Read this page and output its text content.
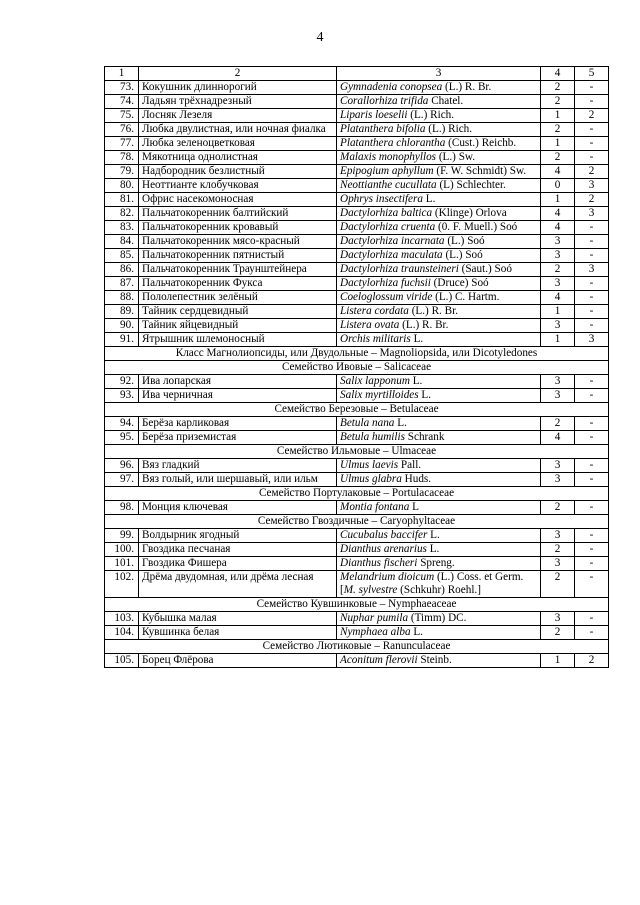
4
1	2	3	4	5
73.	Кокушник длиннорогий	Gymnadenia conopsea (L.) R. Br.	2	-
74.	Ладьян трёхнадрезный	Corallorhiza trifida Chatel.	2	-
75.	Лосняк Лезеля	Liparis loeselii (L.) Rich.	1	2
76.	Любка двулистная, или ночная фиалка	Platanthera bifolia (L.) Rich.	2	-
77.	Любка зеленоцветковая	Platanthera chlorantha (Cust.) Reichb.	1	-
78.	Мякотница однолистная	Malaxis monophyllos (L.) Sw.	2	-
79.	Надбородник безлистный	Epipogium aphyllum (F. W. Schmidt) Sw.	4	2
80.	Неоттианте клобучковая	Neottianthe cucullata (L) Schlechter.	0	3
81.	Офрис насекомоносная	Ophrys insectifera L.	1	2
82.	Пальчатокоренник балтийский	Dactylorhiza baltica (Klinge) Orlova	4	3
83.	Пальчатокоренник кровавый	Dactylorhiza cruenta (0. F. Muell.) Soó	4	-
84.	Пальчатокоренник мясо-красный	Dactylorhiza incarnata (L.) Soó	3	-
85.	Пальчатокоренник пятнистый	Dactylorhiza maculata (L.) Soó	3	-
86.	Пальчатокоренник Траунштейнера	Dactylorhiza traunsteineri (Saut.) Soó	2	3
87.	Пальчатокоренник Фукса	Dactylorhiza fuchsii (Druce) Soó	3	-
88.	Пололепестник зелёный	Coeloglossum viride (L.) C. Hartm.	4	-
89.	Тайник сердцевидный	Listera cordata (L.) R. Br.	1	-
90.	Тайник яйцевидный	Listera ovata (L.) R. Br.	3	-
91.	Ятрышник шлемоносный	Orchis militaris L.	1	3
Класс Магнолиопсиды, или Двудольные – Magnoliopsida, или Dicotyledones				
Семейство Ивовые – Salicaceae				
92.	Ива лопарская	Salix lapponum L.	3	-
93.	Ива черничная	Salix myrtilloides L.	3	-
Семейство Березовые – Betulaceae				
94.	Берёза карликовая	Betula nana L.	2	-
95.	Берёза приземистая	Betula humilis Schrank	4	-
Семейство Ильмовые – Ulmaceae				
96.	Вяз гладкий	Ulmus laevis Pall.	3	-
97.	Вяз голый, или шершавый, или ильм	Ulmus glabra Huds.	3	-
Семейство Портулаковые – Portulacaceae				
98.	Монция ключевая	Montia fontana L	2	-
Семейство Гвоздичные – Caryophyltaceae				
99.	Волдырник ягодный	Cucubalus baccifer L.	3	-
100.	Гвоздика песчаная	Dianthus arenarius L.	2	-
101.	Гвоздика Фишера	Dianthus fischeri Spreng.	3	-
102.	Дрёма двудомная, или дрёма лесная	Melandrium dioicum (L.) Coss. et Germ. [M. sylvestre (Schkuhr) Roehl.]	2	-
Семейство Кувшинковые – Nymphaeaceae				
103.	Кубышка малая	Nuphar pumila (Timm) DC.	3	-
104.	Кувшинка белая	Nymphaea alba L.	2	-
Семейство Лютиковые – Ranunculaceae				
105.	Борец Флёрова	Aconitum flerovii Steinb.	1	2
